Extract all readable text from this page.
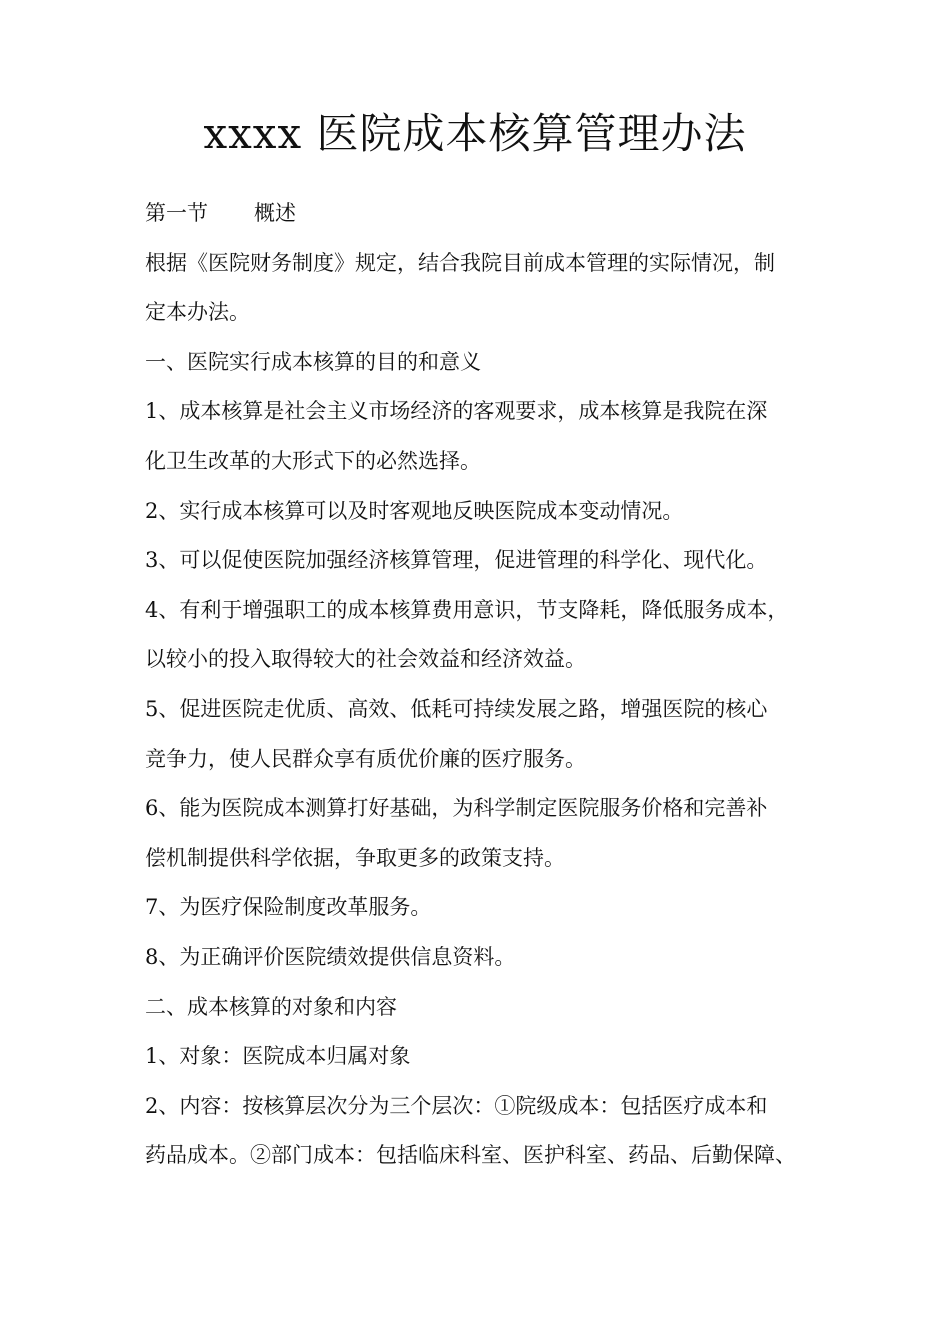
xxxx 医院成本核算管理办法
第一节 概述
根据《医院财务制度》规定，结合我院目前成本管理的实际情况，制
定本办法。
一、医院实行成本核算的目的和意义
1、成本核算是社会主义市场经济的客观要求，成本核算是我院在深
化卫生改革的大形式下的必然选择。
2、实行成本核算可以及时客观地反映医院成本变动情况。
3、可以促使医院加强经济核算管理，促进管理的科学化、现代化。
4、有利于增强职工的成本核算费用意识，节支降耗，降低服务成本，
以较小的投入取得较大的社会效益和经济效益。
5、促进医院走优质、高效、低耗可持续发展之路，增强医院的核心
竞争力，使人民群众享有质优价廉的医疗服务。
6、能为医院成本测算打好基础，为科学制定医院服务价格和完善补
偿机制提供科学依据，争取更多的政策支持。
7、为医疗保险制度改革服务。
8、为正确评价医院绩效提供信息资料。
二、成本核算的对象和内容
1、对象：医院成本归属对象
2、内容：按核算层次分为三个层次：①院级成本：包括医疗成本和
药品成本。②部门成本：包括临床科室、医护科室、药品、后勤保障、
